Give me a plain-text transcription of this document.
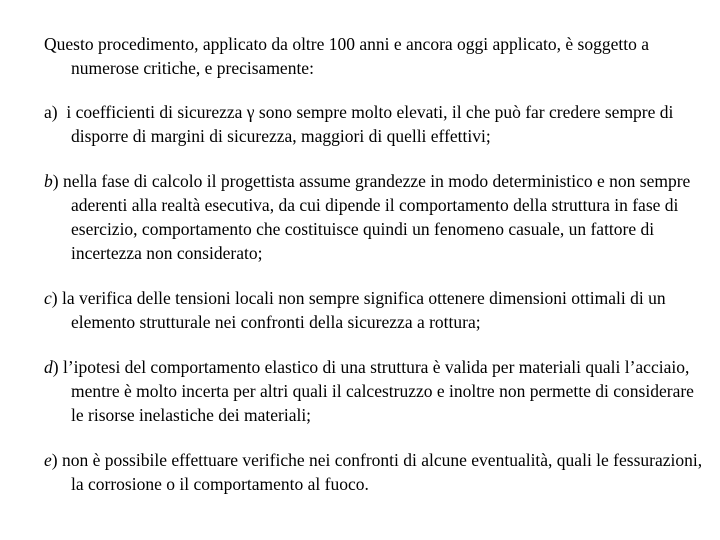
Questo procedimento, applicato da oltre 100 anni e ancora oggi applicato, è soggetto a numerose critiche, e precisamente:

a) i coefficienti di sicurezza γ sono sempre molto elevati, il che può far credere sempre di disporre di margini di sicurezza, maggiori di quelli effettivi;

b) nella fase di calcolo il progettista assume grandezze in modo deterministico e non sempre aderenti alla realtà esecutiva, da cui dipende il comportamento della struttura in fase di esercizio, comportamento che costituisce quindi un fenomeno casuale, un fattore di incertezza non considerato;

c) la verifica delle tensioni locali non sempre significa ottenere dimensioni ottimali di un elemento strutturale nei confronti della sicurezza a rottura;

d) l’ipotesi del comportamento elastico di una struttura è valida per materiali quali l’acciaio, mentre è molto incerta per altri quali il calcestruzzo e inoltre non permette di considerare le risorse inelastiche dei materiali;

e) non è possibile effettuare verifiche nei confronti di alcune eventualità, quali le fessurazioni, la corrosione o il comportamento al fuoco.
